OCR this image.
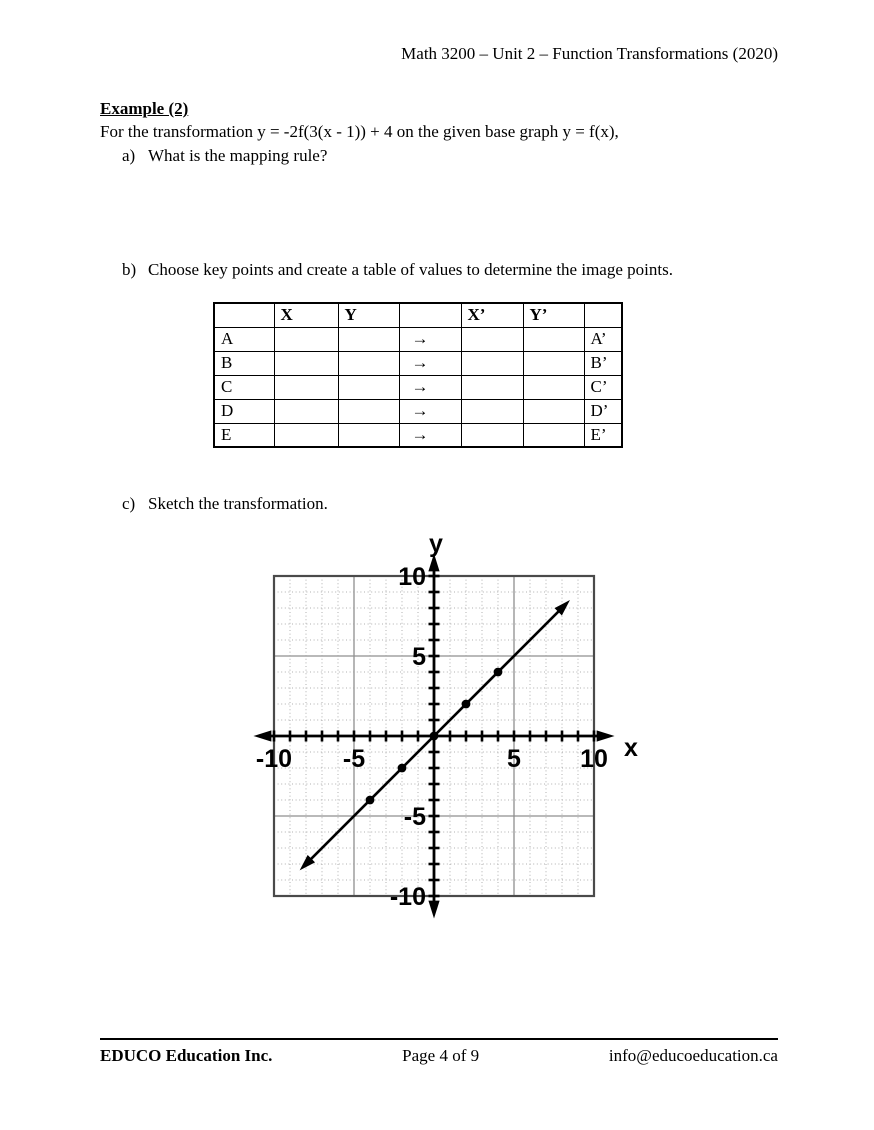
Math 3200 – Unit 2 – Function Transformations (2020)
Example (2)
For the transformation y = -2f(3(x - 1)) + 4 on the given base graph y = f(x),
a) What is the mapping rule?
b) Choose key points and create a table of values to determine the image points.
	X	Y		X’	Y’	
A			→			A’
B			→			B’
C			→			C’
D			→			D’
E			→			E’
c) Sketch the transformation.
-10 -5	5 10
10
5
-5
-10
x
y
EDUCO Education Inc.	Page 4 of 9	info@educoeducation.ca
